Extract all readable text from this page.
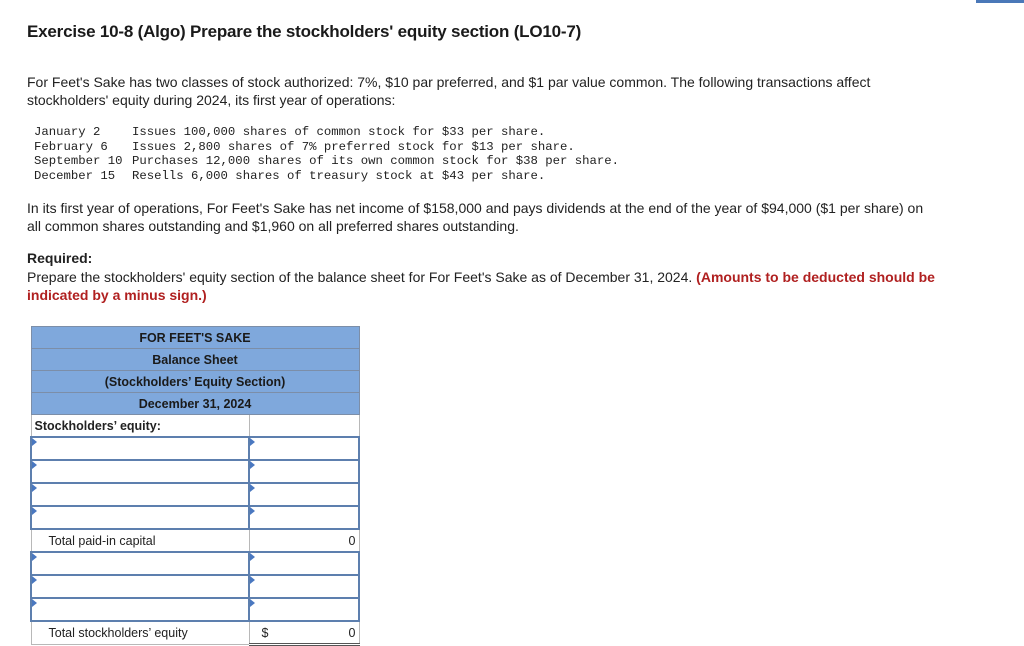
Exercise 10-8 (Algo) Prepare the stockholders' equity section (LO10-7)
For Feet's Sake has two classes of stock authorized: 7%, $10 par preferred, and $1 par value common. The following transactions affect stockholders' equity during 2024, its first year of operations:
January 2	Issues 100,000 shares of common stock for $33 per share.
February 6	Issues 2,800 shares of 7% preferred stock for $13 per share.
September 10 Purchases 12,000 shares of its own common stock for $38 per share.
December 15	Resells 6,000 shares of treasury stock at $43 per share.
In its first year of operations, For Feet's Sake has net income of $158,000 and pays dividends at the end of the year of $94,000 ($1 per share) on all common shares outstanding and $1,960 on all preferred shares outstanding.
Required:
Prepare the stockholders' equity section of the balance sheet for For Feet's Sake as of December 31, 2024. (Amounts to be deducted should be indicated by a minus sign.)
FOR FEET'S SAKE	
Balance Sheet	
(Stockholders’ Equity Section)	
December 31, 2024	
Stockholders’ equity:	

Total paid-in capital	0

Total stockholders’ equity	$ 0
